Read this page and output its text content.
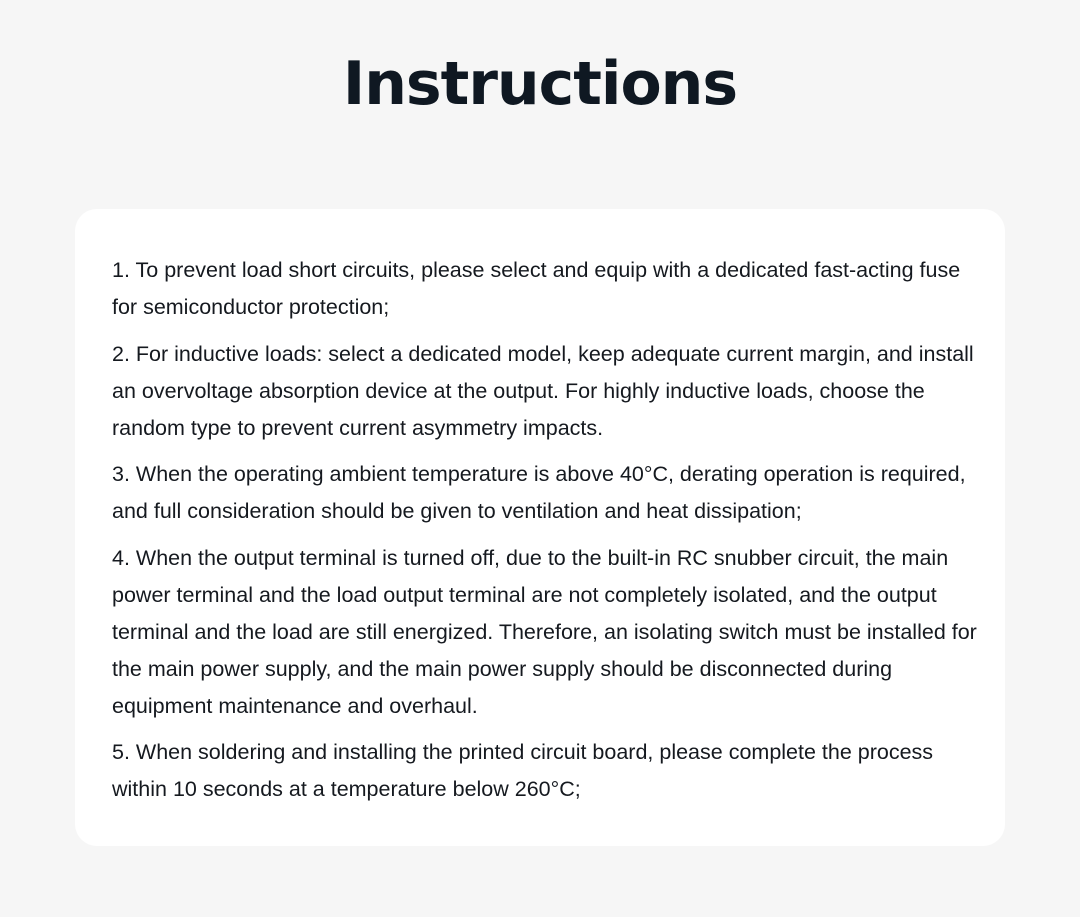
Instructions
1. To prevent load short circuits, please select and equip with a dedicated fast-acting fuse for semiconductor protection;
2. For inductive loads: select a dedicated model, keep adequate current margin, and install an overvoltage absorption device at the output. For highly inductive loads, choose the random type to prevent current asymmetry impacts.
3. When the operating ambient temperature is above 40°C, derating operation is required, and full consideration should be given to ventilation and heat dissipation;
4. When the output terminal is turned off, due to the built-in RC snubber circuit, the main power terminal and the load output terminal are not completely isolated, and the output terminal and the load are still energized. Therefore, an isolating switch must be installed for the main power supply, and the main power supply should be disconnected during equipment maintenance and overhaul.
5. When soldering and installing the printed circuit board, please complete the process within 10 seconds at a temperature below 260°C;
